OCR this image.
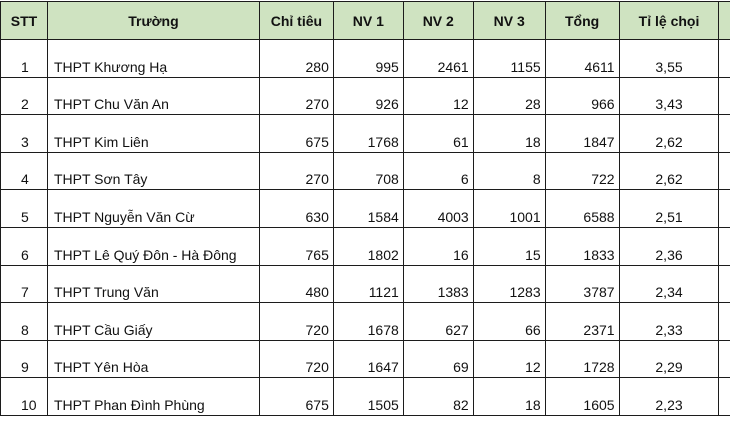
STT	Trường	Chỉ tiêu	NV 1	NV 2	NV 3	Tổng	Tỉ lệ chọi	
1	THPT Khương Hạ	280	995	2461	1155	4611	3,55	
2	THPT Chu Văn An	270	926	12	28	966	3,43	
3	THPT Kim Liên	675	1768	61	18	1847	2,62	
4	THPT Sơn Tây	270	708	6	8	722	2,62	
5	THPT Nguyễn Văn Cừ	630	1584	4003	1001	6588	2,51	
6	THPT Lê Quý Đôn - Hà Đông	765	1802	16	15	1833	2,36	
7	THPT Trung Văn	480	1121	1383	1283	3787	2,34	
8	THPT Cầu Giấy	720	1678	627	66	2371	2,33	
9	THPT Yên Hòa	720	1647	69	12	1728	2,29	
10	THPT Phan Đình Phùng	675	1505	82	18	1605	2,23	
